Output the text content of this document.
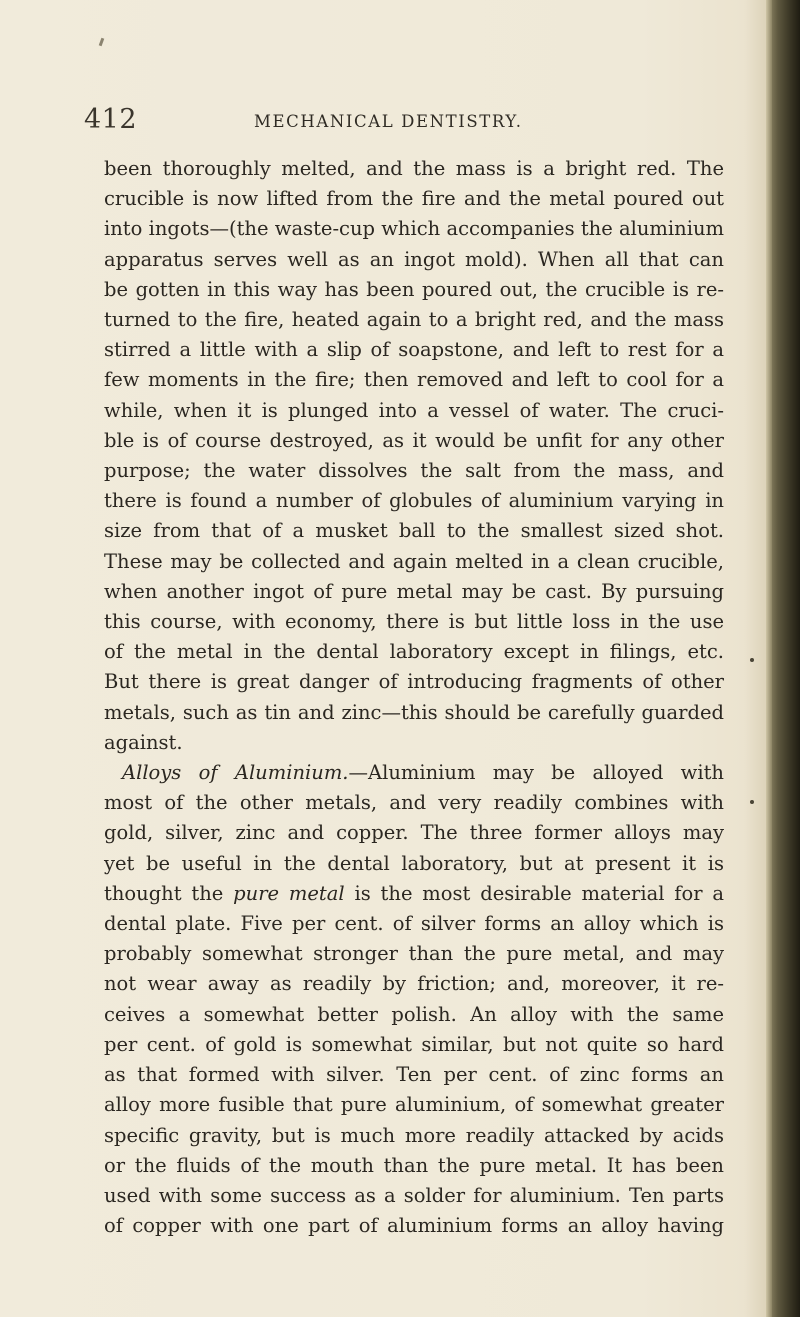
412	MECHANICAL DENTISTRY.
been thoroughly melted, and the mass is a bright red. The
crucible is now lifted from the fire and the metal poured out
into ingots—(the waste-cup which accompanies the aluminium
apparatus serves well as an ingot mold). When all that can
be gotten in this way has been poured out, the crucible is re-
turned to the fire, heated again to a bright red, and the mass
stirred a little with a slip of soapstone, and left to rest for a
few moments in the fire; then removed and left to cool for a
while, when it is plunged into a vessel of water. The cruci-
ble is of course destroyed, as it would be unfit for any other
purpose; the water dissolves the salt from the mass, and
there is found a number of globules of aluminium varying in
size from that of a musket ball to the smallest sized shot.
These may be collected and again melted in a clean crucible,
when another ingot of pure metal may be cast. By pursuing
this course, with economy, there is but little loss in the use
of the metal in the dental laboratory except in filings, etc.
But there is great danger of introducing fragments of other
metals, such as tin and zinc—this should be carefully guarded
against.
Alloys of Aluminium.—Aluminium may be alloyed with
most of the other metals, and very readily combines with
gold, silver, zinc and copper. The three former alloys may
yet be useful in the dental laboratory, but at present it is
thought the pure metal is the most desirable material for a
dental plate. Five per cent. of silver forms an alloy which is
probably somewhat stronger than the pure metal, and may
not wear away as readily by friction; and, moreover, it re-
ceives a somewhat better polish. An alloy with the same
per cent. of gold is somewhat similar, but not quite so hard
as that formed with silver. Ten per cent. of zinc forms an
alloy more fusible that pure aluminium, of somewhat greater
specific gravity, but is much more readily attacked by acids
or the fluids of the mouth than the pure metal. It has been
used with some success as a solder for aluminium. Ten parts
of copper with one part of aluminium forms an alloy having
